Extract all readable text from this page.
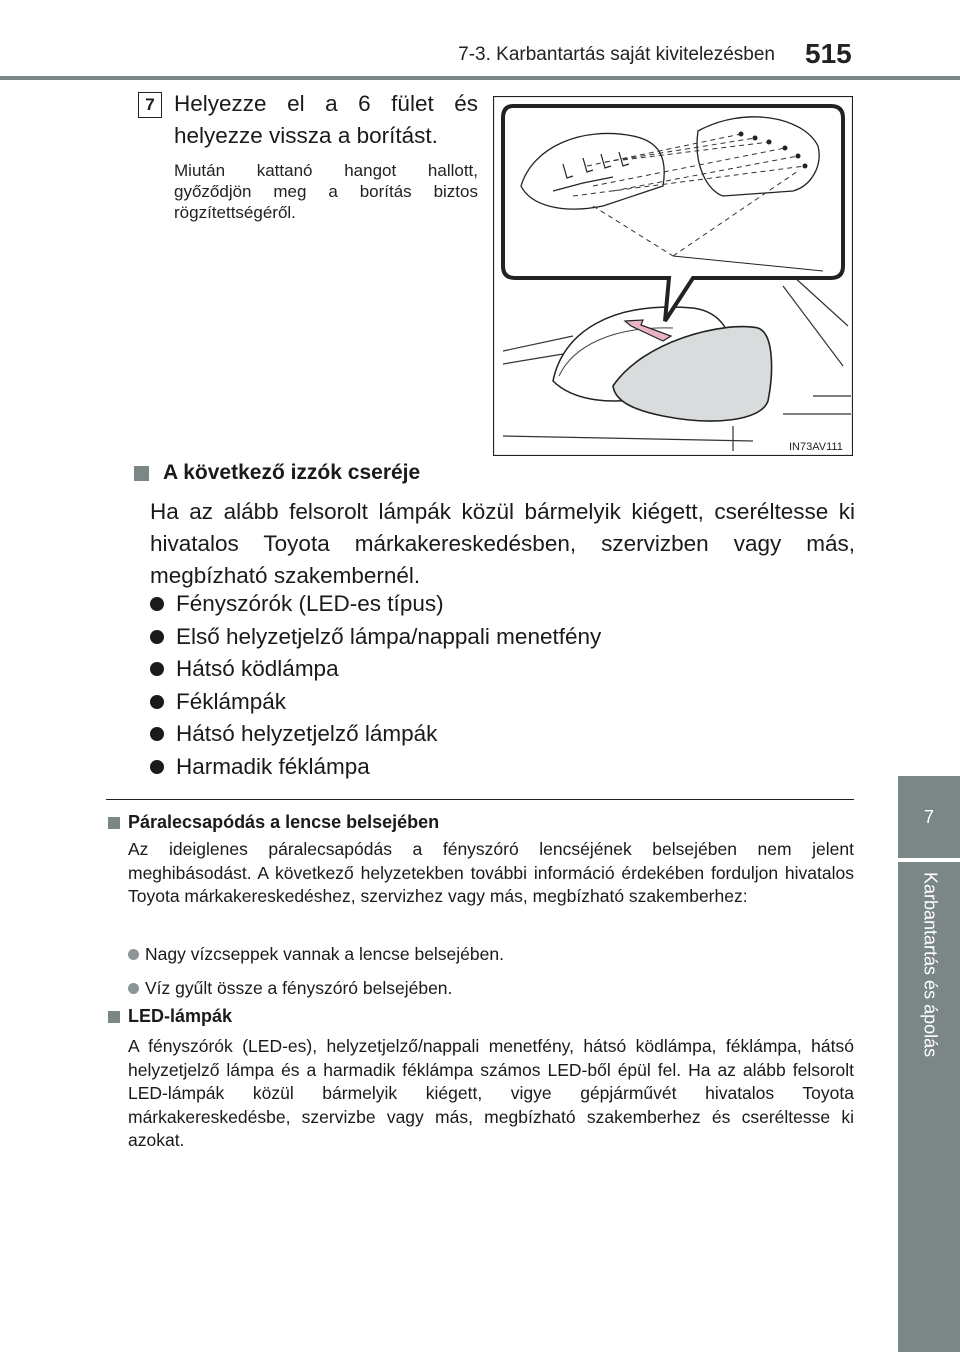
7-3. Karbantartás saját kivitelezésben 515
7
Karbantartás és ápolás
7 Helyezze el a 6 fület és helyezze vissza a borítást.
Miután kattanó hangot hallott, győződjön meg a borítás biztos rögzítettségéről.
IN73AV111
A következő izzók cseréje
Ha az alább felsorolt lámpák közül bármelyik kiégett, cseréltesse ki hivatalos Toyota márkakereskedésben, szervizben vagy más, megbízható szakembernél.
Fényszórók (LED-es típus)
Első helyzetjelző lámpa/nappali menetfény
Hátsó ködlámpa
Féklámpák
Hátsó helyzetjelző lámpák
Harmadik féklámpa
Páralecsapódás a lencse belsejében
Az ideiglenes páralecsapódás a fényszóró lencséjének belsejében nem jelent meghibásodást. A következő helyzetekben további információ érdekében forduljon hivatalos Toyota márkakereskedéshez, szervizhez vagy más, megbízható szakemberhez:
Nagy vízcseppek vannak a lencse belsejében.
Víz gyűlt össze a fényszóró belsejében.
LED-lámpák
A fényszórók (LED-es), helyzetjelző/nappali menetfény, hátsó ködlámpa, féklámpa, hátsó helyzetjelző lámpa és a harmadik féklámpa számos LED-ből épül fel. Ha az alább felsorolt LED-lámpák közül bármelyik kiégett, vigye gépjárművét hivatalos Toyota márkakereskedésbe, szervizbe vagy más, megbízható szakemberhez és cseréltesse ki azokat.
